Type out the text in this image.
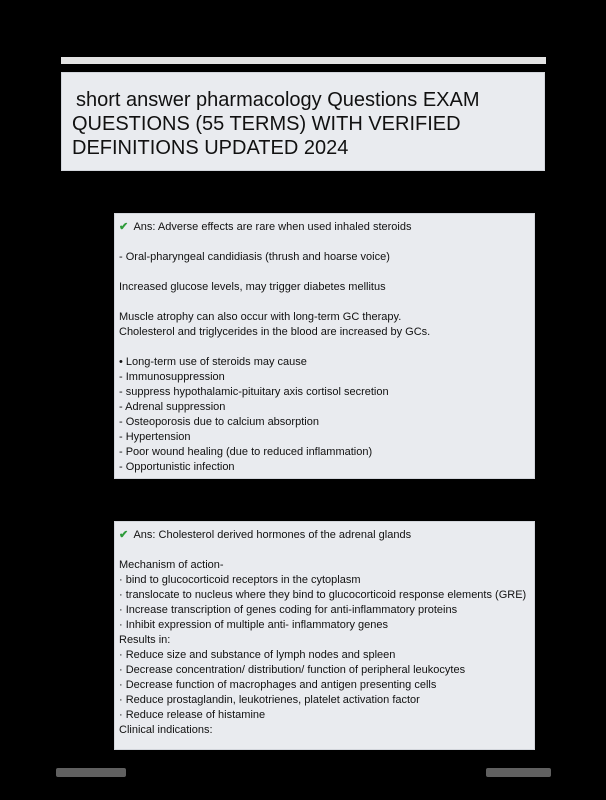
short answer pharmacology Questions EXAM
QUESTIONS (55 TERMS) WITH VERIFIED
DEFINITIONS UPDATED 2024
✔ Ans: Adverse effects are rare when used inhaled steroids
- Oral-pharyngeal candidiasis (thrush and hoarse voice)
Increased glucose levels, may trigger diabetes mellitus
Muscle atrophy can also occur with long-term GC therapy.
Cholesterol and triglycerides in the blood are increased by GCs.
• Long-term use of steroids may cause
- Immunosuppression
- suppress hypothalamic-pituitary axis cortisol secretion
- Adrenal suppression
- Osteoporosis due to calcium absorption
- Hypertension
- Poor wound healing (due to reduced inflammation)
- Opportunistic infection
✔ Ans: Cholesterol derived hormones of the adrenal glands
Mechanism of action-
· bind to glucocorticoid receptors in the cytoplasm
· translocate to nucleus where they bind to glucocorticoid response elements (GRE)
· Increase transcription of genes coding for anti-inflammatory proteins
· Inhibit expression of multiple anti- inflammatory genes
Results in:
· Reduce size and substance of lymph nodes and spleen
· Decrease concentration/ distribution/ function of peripheral leukocytes
· Decrease function of macrophages and antigen presenting cells
· Reduce prostaglandin, leukotrienes, platelet activation factor
· Reduce release of histamine
Clinical indications:
